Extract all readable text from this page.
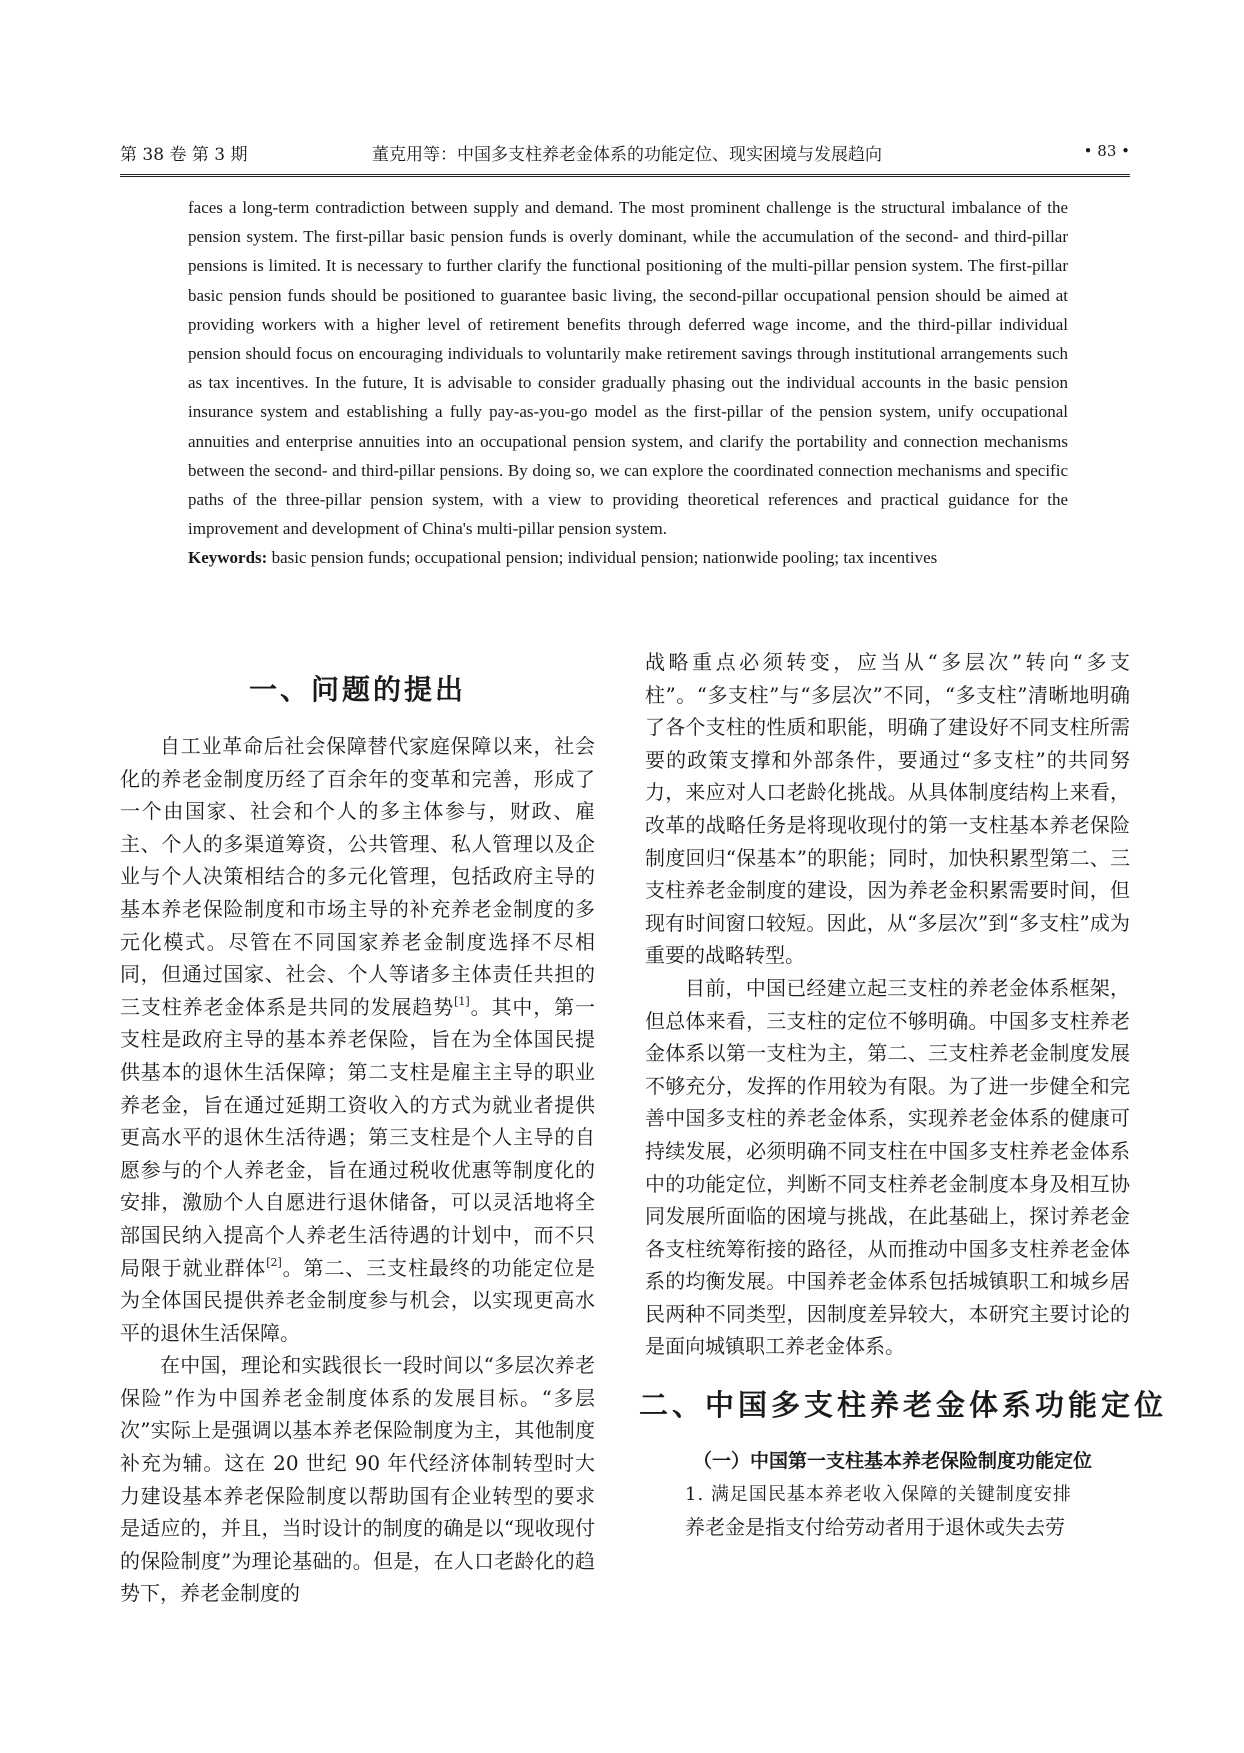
第 38 卷 第 3 期	董克用等：中国多支柱养老金体系的功能定位、现实困境与发展趋向	• 83 •

faces a long-term contradiction between supply and demand. The most prominent challenge is the structural imbalance of the pension system. The first-pillar basic pension funds is overly dominant, while the accumulation of the second- and third-pillar pensions is limited. It is necessary to further clarify the functional positioning of the multi-pillar pension system. The first-pillar basic pension funds should be positioned to guarantee basic living, the second-pillar occupational pension should be aimed at providing workers with a higher level of retirement benefits through deferred wage income, and the third-pillar individual pension should focus on encouraging individuals to voluntarily make retirement savings through institutional arrangements such as tax incentives. In the future, It is advisable to consider gradually phasing out the individual accounts in the basic pension insurance system and establishing a fully pay-as-you-go model as the first-pillar of the pension system, unify occupational annuities and enterprise annuities into an occupational pension system, and clarify the portability and connection mechanisms between the second- and third-pillar pensions. By doing so, we can explore the coordinated connection mechanisms and specific paths of the three-pillar pension system, with a view to providing theoretical references and practical guidance for the improvement and development of China's multi-pillar pension system.

Keywords: basic pension funds; occupational pension; individual pension; nationwide pooling; tax incentives

一、问题的提出

自工业革命后社会保障替代家庭保障以来，社会化的养老金制度历经了百余年的变革和完善，形成了一个由国家、社会和个人的多主体参与，财政、雇主、个人的多渠道筹资，公共管理、私人管理以及企业与个人决策相结合的多元化管理，包括政府主导的基本养老保险制度和市场主导的补充养老金制度的多元化模式。尽管在不同国家养老金制度选择不尽相同，但通过国家、社会、个人等诸多主体责任共担的三支柱养老金体系是共同的发展趋势[1]。其中，第一支柱是政府主导的基本养老保险，旨在为全体国民提供基本的退休生活保障；第二支柱是雇主主导的职业养老金，旨在通过延期工资收入的方式为就业者提供更高水平的退休生活待遇；第三支柱是个人主导的自愿参与的个人养老金，旨在通过税收优惠等制度化的安排，激励个人自愿进行退休储备，可以灵活地将全部国民纳入提高个人养老生活待遇的计划中，而不只局限于就业群体[2]。第二、三支柱最终的功能定位是为全体国民提供养老金制度参与机会，以实现更高水平的退休生活保障。

在中国，理论和实践很长一段时间以“多层次养老保险”作为中国养老金制度体系的发展目标。“多层次”实际上是强调以基本养老保险制度为主，其他制度补充为辅。这在 20 世纪 90 年代经济体制转型时大力建设基本养老保险制度以帮助国有企业转型的要求是适应的，并且，当时设计的制度的确是以“现收现付的保险制度”为理论基础的。但是，在人口老龄化的趋势下，养老金制度的

战略重点必须转变，应当从“多层次”转向“多支柱”。“多支柱”与“多层次”不同，“多支柱”清晰地明确了各个支柱的性质和职能，明确了建设好不同支柱所需要的政策支撑和外部条件，要通过“多支柱”的共同努力，来应对人口老龄化挑战。从具体制度结构上来看，改革的战略任务是将现收现付的第一支柱基本养老保险制度回归“保基本”的职能；同时，加快积累型第二、三支柱养老金制度的建设，因为养老金积累需要时间，但现有时间窗口较短。因此，从“多层次”到“多支柱”成为重要的战略转型。

目前，中国已经建立起三支柱的养老金体系框架，但总体来看，三支柱的定位不够明确。中国多支柱养老金体系以第一支柱为主，第二、三支柱养老金制度发展不够充分，发挥的作用较为有限。为了进一步健全和完善中国多支柱的养老金体系，实现养老金体系的健康可持续发展，必须明确不同支柱在中国多支柱养老金体系中的功能定位，判断不同支柱养老金制度本身及相互协同发展所面临的困境与挑战，在此基础上，探讨养老金各支柱统筹衔接的路径，从而推动中国多支柱养老金体系的均衡发展。中国养老金体系包括城镇职工和城乡居民两种不同类型，因制度差异较大，本研究主要讨论的是面向城镇职工养老金体系。

二、中国多支柱养老金体系功能定位
（一）中国第一支柱基本养老保险制度功能定位
1. 满足国民基本养老收入保障的关键制度安排

养老金是指支付给劳动者用于退休或失去劳
